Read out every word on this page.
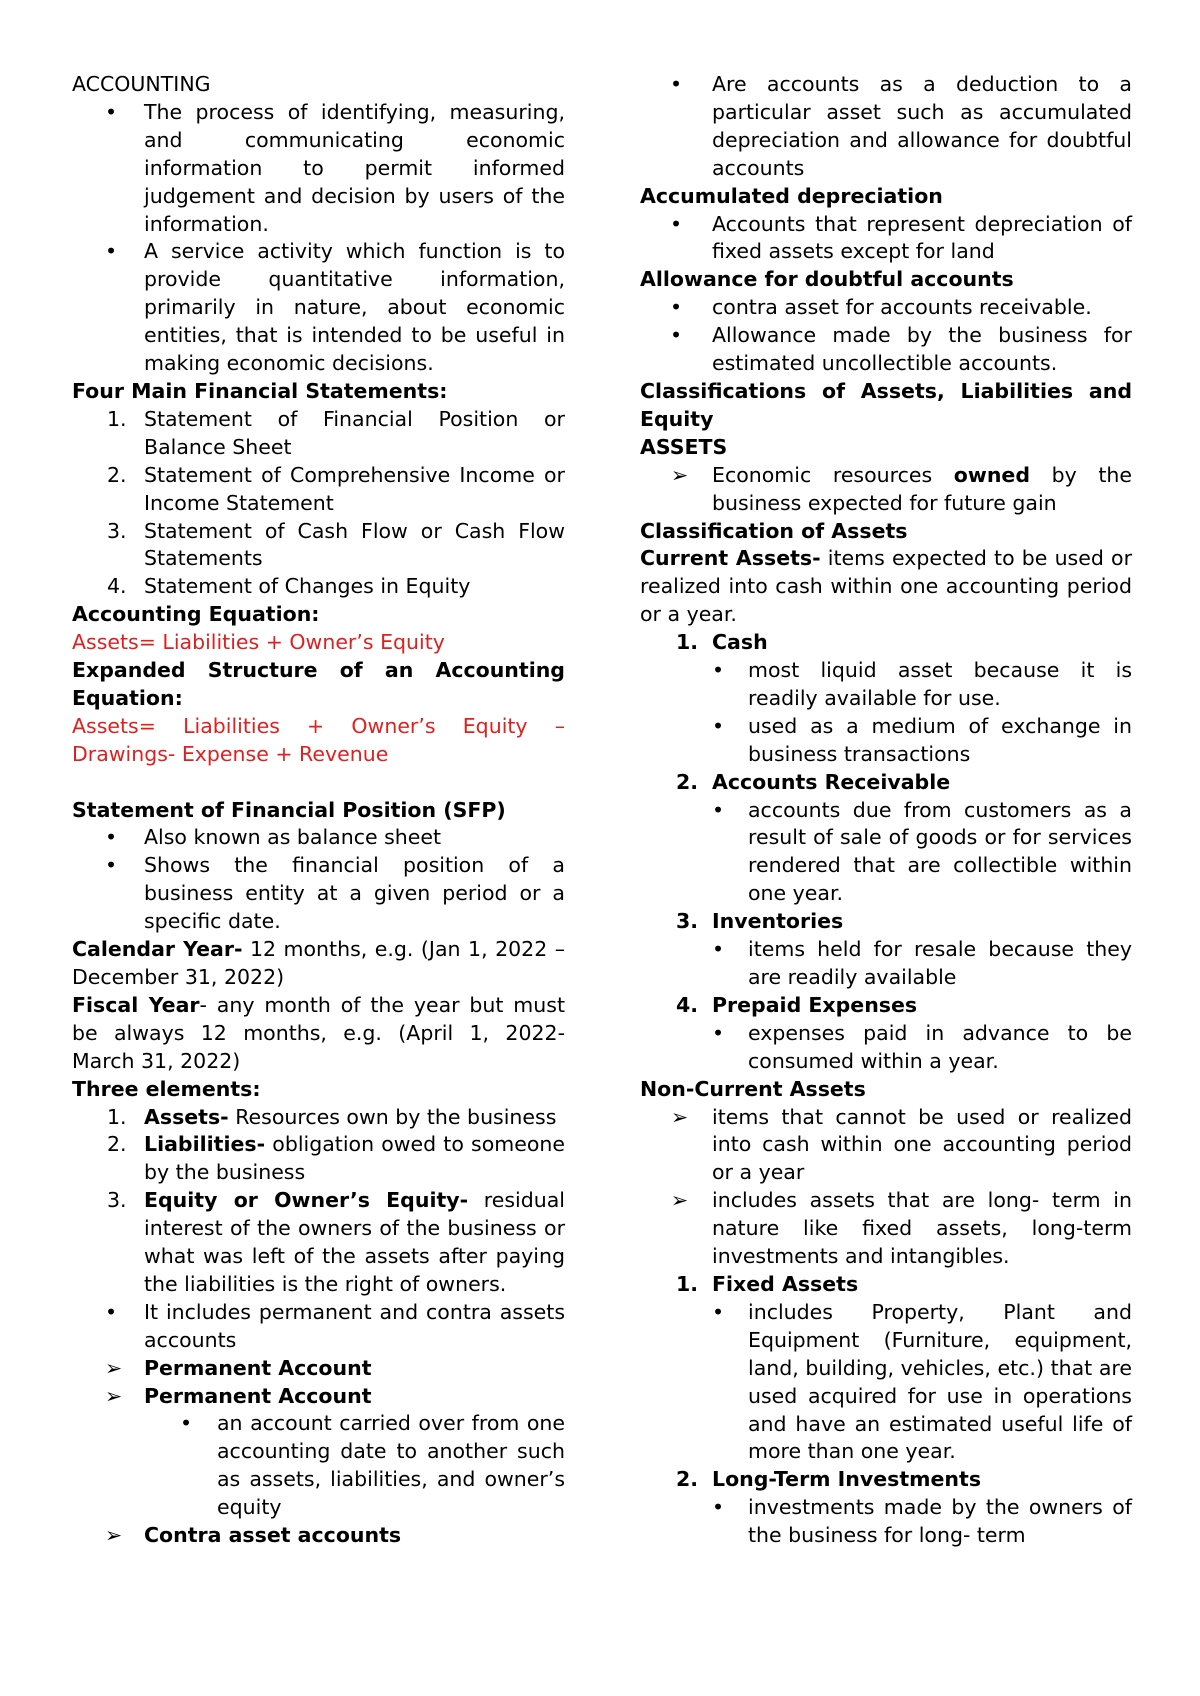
ACCOUNTING

•
The process of identifying, measuring, and communicating economic information to permit informed judgement and decision by users of the information.
•
A service activity which function is to provide quantitative information, primarily in nature, about economic entities, that is intended to be useful in making economic decisions.

Four Main Financial Statements:

1.
Statement of Financial Position or Balance Sheet
2.
Statement of Comprehensive Income or Income Statement
3.
Statement of Cash Flow or Cash Flow Statements
4.
Statement of Changes in Equity

Accounting Equation:

Assets= Liabilities + Owner’s Equity

Expanded Structure of an Accounting Equation:

Assets= Liabilities + Owner’s Equity – Drawings- Expense + Revenue

Statement of Financial Position (SFP)

•
Also known as balance sheet
•
Shows the financial position of a business entity at a given period or a specific date.

Calendar Year- 12 months, e.g. (Jan 1, 2022 – December 31, 2022)

Fiscal Year- any month of the year but must be always 12 months, e.g. (April 1, 2022- March 31, 2022)

Three elements:

1.
Assets- Resources own by the business
2.
Liabilities- obligation owed to someone by the business
3.
Equity or Owner’s Equity- residual interest of the owners of the business or what was left of the assets after paying the liabilities is the right of owners.
•
It includes permanent and contra assets accounts
➢
Permanent Account
➢
Permanent Account
•
an account carried over from one accounting date to another such as assets, liabilities, and owner’s equity
➢
Contra asset accounts
•
Are accounts as a deduction to a particular asset such as accumulated depreciation and allowance for doubtful accounts

Accumulated depreciation

•
Accounts that represent depreciation of fixed assets except for land

Allowance for doubtful accounts

•
contra asset for accounts receivable.
•
Allowance made by the business for estimated uncollectible accounts.

Classifications of Assets, Liabilities and Equity

ASSETS

➢
Economic resources owned by the business expected for future gain

Classification of Assets

Current Assets- items expected to be used or realized into cash within one accounting period or a year.

1.
Cash
•
most liquid asset because it is readily available for use.
•
used as a medium of exchange in business transactions
2.
Accounts Receivable
•
accounts due from customers as a result of sale of goods or for services rendered that are collectible within one year.
3.
Inventories
•
items held for resale because they are readily available
4.
Prepaid Expenses
•
expenses paid in advance to be consumed within a year.

Non-Current Assets

➢
items that cannot be used or realized into cash within one accounting period or a year
➢
includes assets that are long- term in nature like fixed assets, long-term investments and intangibles.
1.
Fixed Assets
•
includes Property, Plant and Equipment (Furniture, equipment, land, building, vehicles, etc.) that are used acquired for use in operations and have an estimated useful life of more than one year.
2.
Long-Term Investments
•
investments made by the owners of the business for long- term
